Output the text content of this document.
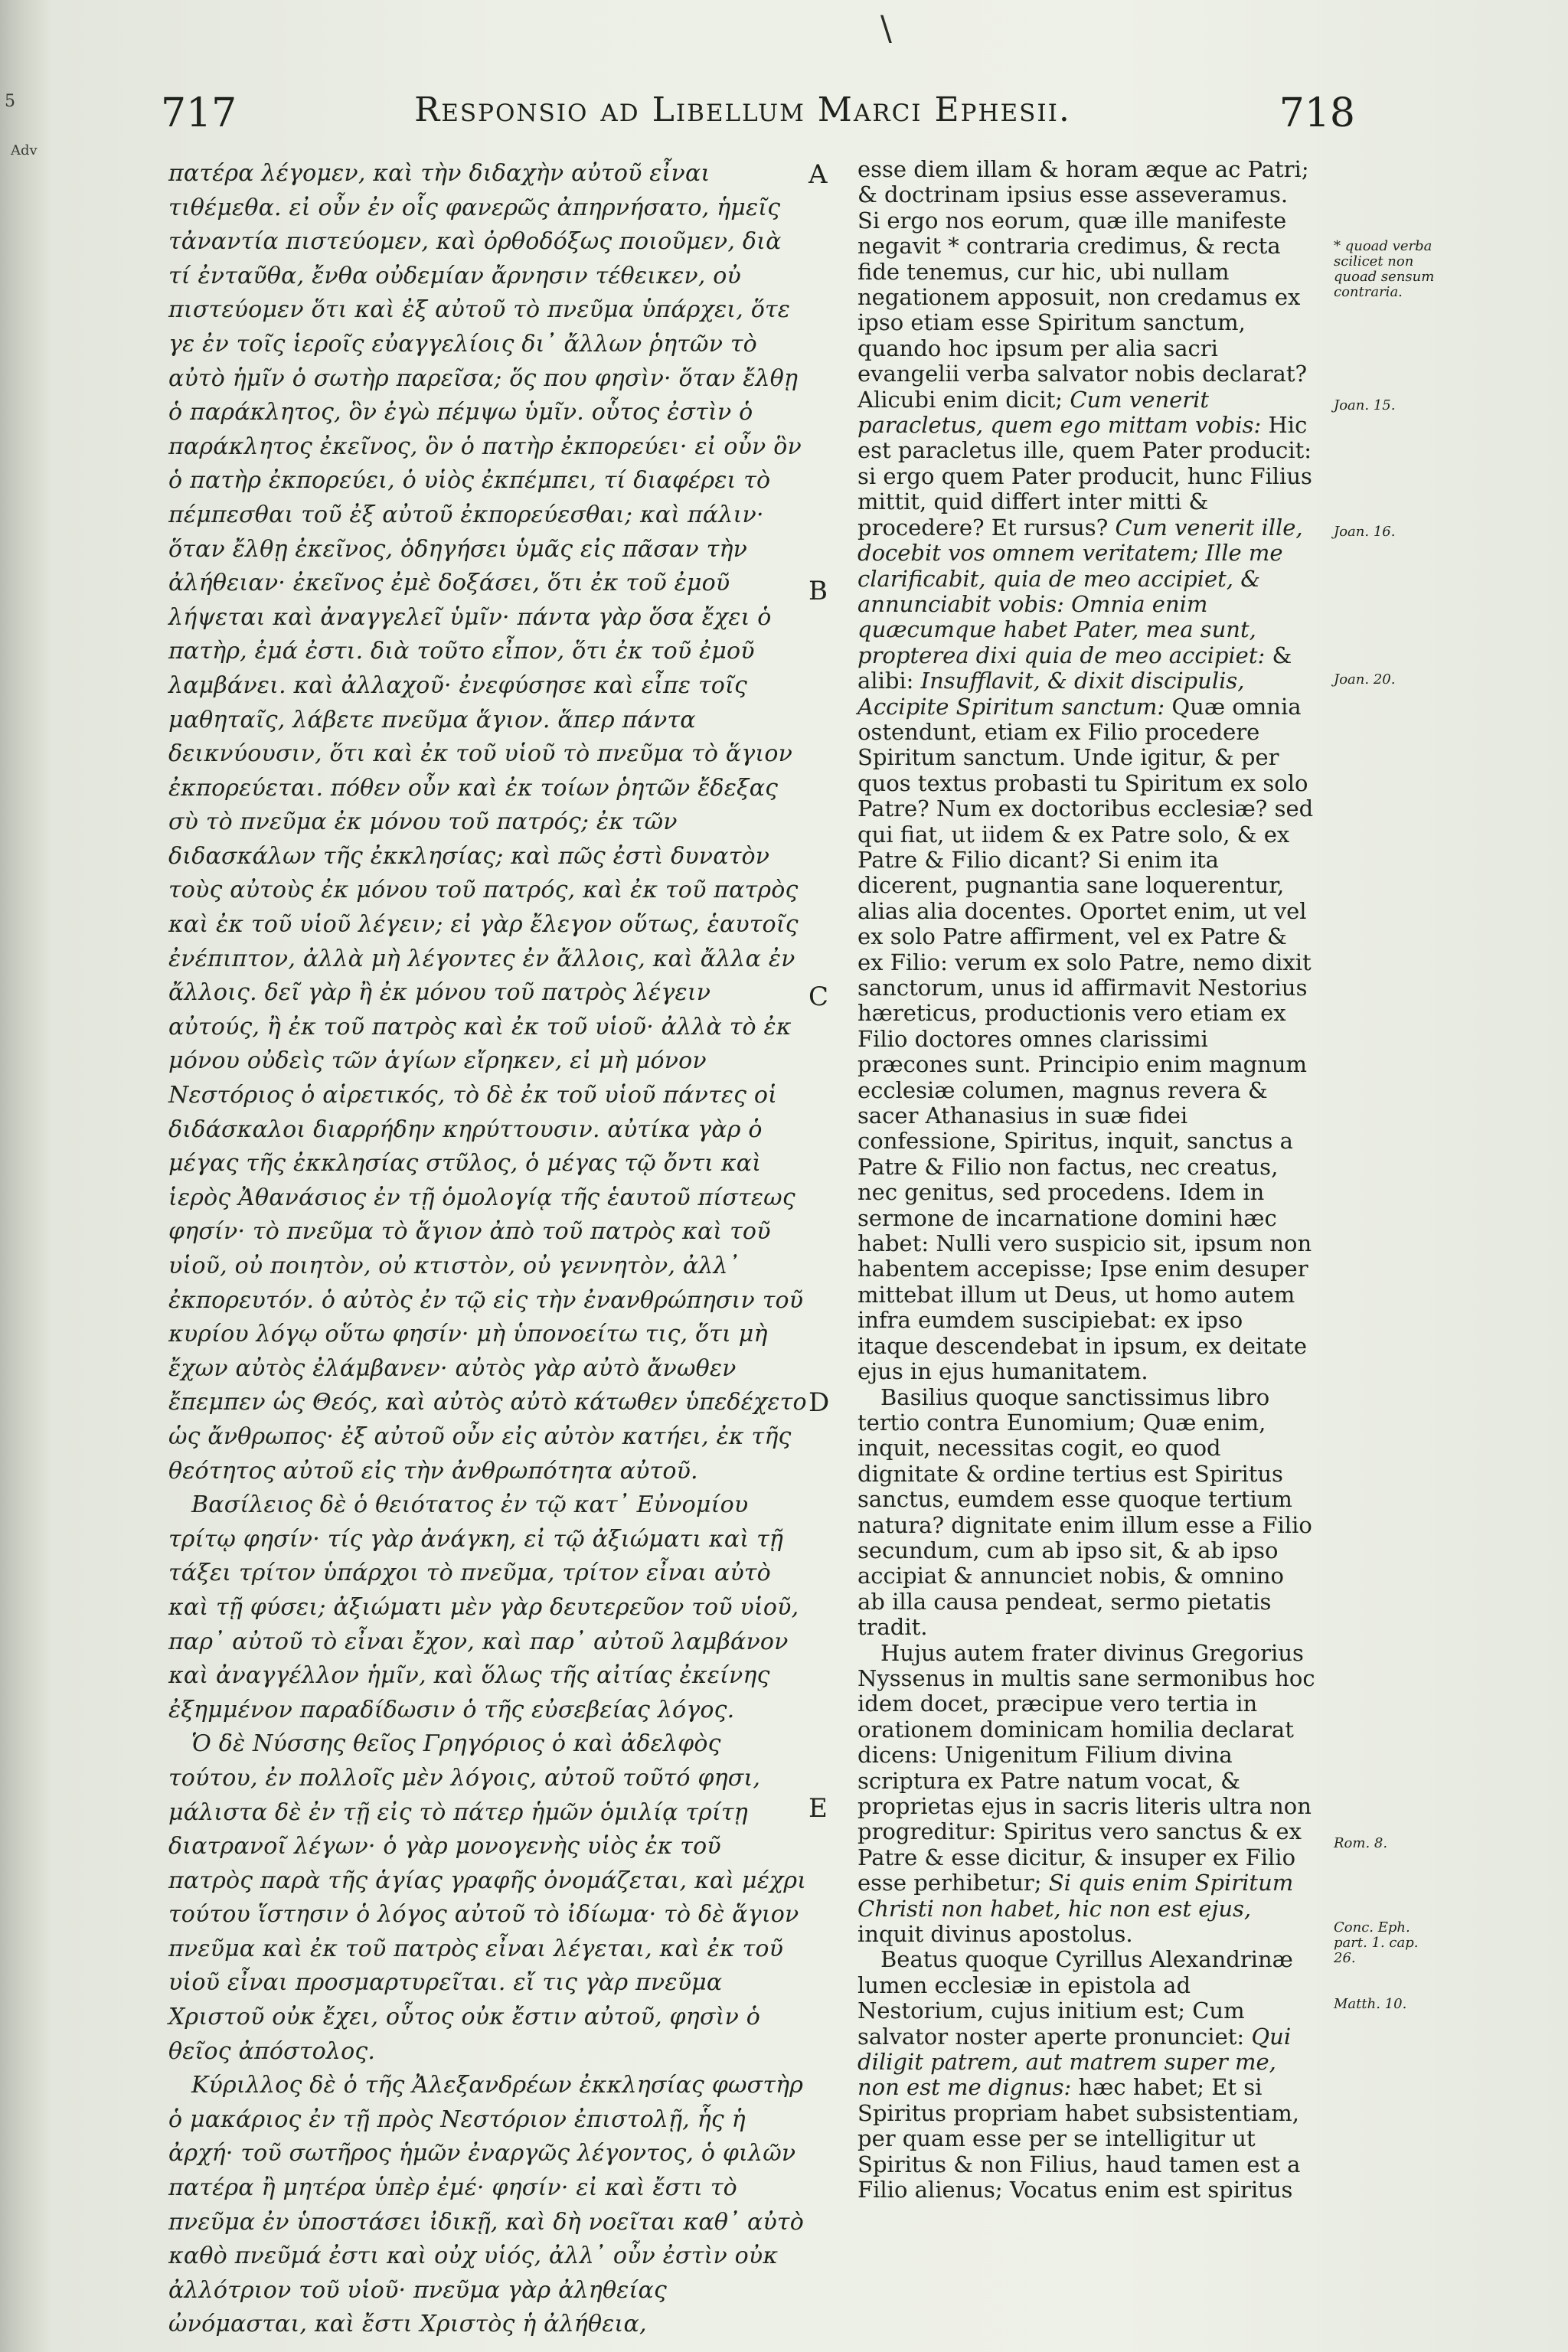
5
Adv
\
717	Responsio ad Libellum Marci Ephesii.	718

πατέρα λέγομεν, καὶ τὴν διδαχὴν αὐτοῦ εἶναι τιθέμεθα. εἰ οὖν ἐν οἷς φανερῶς ἀπηρνήσατο, ἡμεῖς τἀναντία πιστεύομεν, καὶ ὀρθοδόξως ποιοῦμεν, διὰ τί ἐνταῦθα, ἔνθα οὐδεμίαν ἄρνησιν τέθεικεν, οὐ πιστεύομεν ὅτι καὶ ἐξ αὐτοῦ τὸ πνεῦμα ὑπάρχει, ὅτε γε ἐν τοῖς ἱεροῖς εὐαγγελίοις δι᾽ ἄλλων ῥητῶν τὸ αὐτὸ ἡμῖν ὁ σωτὴρ παρεῖσα; ὅς που φησὶν· ὅταν ἔλθῃ ὁ παράκλητος, ὃν ἐγὼ πέμψω ὑμῖν. οὗτος ἐστὶν ὁ παράκλητος ἐκεῖνος, ὃν ὁ πατὴρ ἐκπορεύει· εἰ οὖν ὃν ὁ πατὴρ ἐκπορεύει, ὁ υἱὸς ἐκπέμπει, τί διαφέρει τὸ πέμπεσθαι τοῦ ἐξ αὐτοῦ ἐκπορεύεσθαι; καὶ πάλιν· ὅταν ἔλθῃ ἐκεῖνος, ὁδηγήσει ὑμᾶς εἰς πᾶσαν τὴν ἀλήθειαν· ἐκεῖνος ἐμὲ δοξάσει, ὅτι ἐκ τοῦ ἐμοῦ λήψεται καὶ ἀναγγελεῖ ὑμῖν· πάντα γὰρ ὅσα ἔχει ὁ πατὴρ, ἐμά ἐστι. διὰ τοῦτο εἶπον, ὅτι ἐκ τοῦ ἐμοῦ λαμβάνει. καὶ ἀλλαχοῦ· ἐνεφύσησε καὶ εἶπε τοῖς μαθηταῖς, λάβετε πνεῦμα ἅγιον. ἅπερ πάντα δεικνύουσιν, ὅτι καὶ ἐκ τοῦ υἱοῦ τὸ πνεῦμα τὸ ἅγιον ἐκπορεύεται. πόθεν οὖν καὶ ἐκ τοίων ῥητῶν ἔδεξας σὺ τὸ πνεῦμα ἐκ μόνου τοῦ πατρός; ἐκ τῶν διδασκάλων τῆς ἐκκλησίας; καὶ πῶς ἐστὶ δυνατὸν τοὺς αὐτοὺς ἐκ μόνου τοῦ πατρός, καὶ ἐκ τοῦ πατρὸς καὶ ἐκ τοῦ υἱοῦ λέγειν; εἰ γὰρ ἔλεγον οὕτως, ἑαυτοῖς ἐνέπιπτον, ἀλλὰ μὴ λέγοντες ἐν ἄλλοις, καὶ ἄλλα ἐν ἄλλοις. δεῖ γὰρ ἢ ἐκ μόνου τοῦ πατρὸς λέγειν αὐτούς, ἢ ἐκ τοῦ πατρὸς καὶ ἐκ τοῦ υἱοῦ· ἀλλὰ τὸ ἐκ μόνου οὐδεὶς τῶν ἁγίων εἴρηκεν, εἰ μὴ μόνον Νεστόριος ὁ αἱρετικός, τὸ δὲ ἐκ τοῦ υἱοῦ πάντες οἱ διδάσκαλοι διαρρήδην κηρύττουσιν. αὐτίκα γὰρ ὁ μέγας τῆς ἐκκλησίας στῦλος, ὁ μέγας τῷ ὄντι καὶ ἱερὸς Ἀθανάσιος ἐν τῇ ὁμολογίᾳ τῆς ἑαυτοῦ πίστεως φησίν· τὸ πνεῦμα τὸ ἅγιον ἀπὸ τοῦ πατρὸς καὶ τοῦ υἱοῦ, οὐ ποιητὸν, οὐ κτιστὸν, οὐ γεννητὸν, ἀλλ᾽ ἐκπορευτόν. ὁ αὐτὸς ἐν τῷ εἰς τὴν ἐνανθρώπησιν τοῦ κυρίου λόγῳ οὕτω φησίν· μὴ ὑπονοείτω τις, ὅτι μὴ ἔχων αὐτὸς ἐλάμβανεν· αὐτὸς γὰρ αὐτὸ ἄνωθεν ἔπεμπεν ὡς Θεός, καὶ αὐτὸς αὐτὸ κάτωθεν ὑπεδέχετο ὡς ἄνθρωπος· ἐξ αὐτοῦ οὖν εἰς αὐτὸν κατήει, ἐκ τῆς θεότητος αὐτοῦ εἰς τὴν ἀνθρωπότητα αὐτοῦ.

Βασίλειος δὲ ὁ θειότατος ἐν τῷ κατ᾽ Εὐνομίου τρίτῳ φησίν· τίς γὰρ ἀνάγκη, εἰ τῷ ἀξιώματι καὶ τῇ τάξει τρίτον ὑπάρχοι τὸ πνεῦμα, τρίτον εἶναι αὐτὸ καὶ τῇ φύσει; ἀξιώματι μὲν γὰρ δευτερεῦον τοῦ υἱοῦ, παρ᾽ αὐτοῦ τὸ εἶναι ἔχον, καὶ παρ᾽ αὐτοῦ λαμβάνον καὶ ἀναγγέλλον ἡμῖν, καὶ ὅλως τῆς αἰτίας ἐκείνης ἐξημμένον παραδίδωσιν ὁ τῆς εὐσεβείας λόγος.

Ὁ δὲ Νύσσης θεῖος Γρηγόριος ὁ καὶ ἀδελφὸς τούτου, ἐν πολλοῖς μὲν λόγοις, αὐτοῦ τοῦτό φησι, μάλιστα δὲ ἐν τῇ εἰς τὸ πάτερ ἡμῶν ὁμιλίᾳ τρίτῃ διατρανοῖ λέγων· ὁ γὰρ μονογενὴς υἱὸς ἐκ τοῦ πατρὸς παρὰ τῆς ἁγίας γραφῆς ὀνομάζεται, καὶ μέχρι τούτου ἵστησιν ὁ λόγος αὐτοῦ τὸ ἰδίωμα· τὸ δὲ ἅγιον πνεῦμα καὶ ἐκ τοῦ πατρὸς εἶναι λέγεται, καὶ ἐκ τοῦ υἱοῦ εἶναι προσμαρτυρεῖται. εἴ τις γὰρ πνεῦμα Χριστοῦ οὐκ ἔχει, οὗτος οὐκ ἔστιν αὐτοῦ, φησὶν ὁ θεῖος ἀπόστολος.

Κύριλλος δὲ ὁ τῆς Ἀλεξανδρέων ἐκκλησίας φωστὴρ ὁ μακάριος ἐν τῇ πρὸς Νεστόριον ἐπιστολῇ, ἧς ἡ ἀρχή· τοῦ σωτῆρος ἡμῶν ἐναργῶς λέγοντος, ὁ φιλῶν πατέρα ἢ μητέρα ὑπὲρ ἐμέ· φησίν· εἰ καὶ ἔστι τὸ πνεῦμα ἐν ὑποστάσει ἰδικῇ, καὶ δὴ νοεῖται καθ᾽ αὐτὸ καθὸ πνεῦμά ἐστι καὶ οὐχ υἱός, ἀλλ᾽ οὖν ἐστὶν οὐκ ἀλλότριον τοῦ υἱοῦ· πνεῦμα γὰρ ἀληθείας ὠνόμασται, καὶ ἔστι Χριστὸς ἡ ἀλήθεια,

A
B
C
D
E

esse diem illam & horam æque ac Patri; & doctrinam ipsius esse asseveramus. Si ergo nos eorum, quæ ille manifeste negavit * contraria credimus, & recta fide tenemus, cur hic, ubi nullam negationem apposuit, non credamus ex ipso etiam esse Spiritum sanctum, quando hoc ipsum per alia sacri evangelii verba salvator nobis declarat? Alicubi enim dicit; Cum venerit paracletus, quem ego mittam vobis: Hic est paracletus ille, quem Pater producit: si ergo quem Pater producit, hunc Filius mittit, quid differt inter mitti & procedere? Et rursus? Cum venerit ille, docebit vos omnem veritatem; Ille me clarificabit, quia de meo accipiet, & annunciabit vobis: Omnia enim quæcumque habet Pater, mea sunt, propterea dixi quia de meo accipiet: & alibi: Insufflavit, & dixit discipulis, Accipite Spiritum sanctum: Quæ omnia ostendunt, etiam ex Filio procedere Spiritum sanctum. Unde igitur, & per quos textus probasti tu Spiritum ex solo Patre? Num ex doctoribus ecclesiæ? sed qui fiat, ut iidem & ex Patre solo, & ex Patre & Filio dicant? Si enim ita dicerent, pugnantia sane loquerentur, alias alia docentes. Oportet enim, ut vel ex solo Patre affirment, vel ex Patre & ex Filio: verum ex solo Patre, nemo dixit sanctorum, unus id affirmavit Nestorius hæreticus, productionis vero etiam ex Filio doctores omnes clarissimi præcones sunt. Principio enim magnum ecclesiæ columen, magnus revera & sacer Athanasius in suæ fidei confessione, Spiritus, inquit, sanctus a Patre & Filio non factus, nec creatus, nec genitus, sed procedens. Idem in sermone de incarnatione domini hæc habet: Nulli vero suspicio sit, ipsum non habentem accepisse; Ipse enim desuper mittebat illum ut Deus, ut homo autem infra eumdem suscipiebat: ex ipso itaque descendebat in ipsum, ex deitate ejus in ejus humanitatem.

Basilius quoque sanctissimus libro tertio contra Eunomium; Quæ enim, inquit, necessitas cogit, eo quod dignitate & ordine tertius est Spiritus sanctus, eumdem esse quoque tertium natura? dignitate enim illum esse a Filio secundum, cum ab ipso sit, & ab ipso accipiat & annunciet nobis, & omnino ab illa causa pendeat, sermo pietatis tradit.

Hujus autem frater divinus Gregorius Nyssenus in multis sane sermonibus hoc idem docet, præcipue vero tertia in orationem dominicam homilia declarat dicens: Unigenitum Filium divina scriptura ex Patre natum vocat, & proprietas ejus in sacris literis ultra non progreditur: Spiritus vero sanctus & ex Patre & esse dicitur, & insuper ex Filio esse perhibetur; Si quis enim Spiritum Christi non habet, hic non est ejus, inquit divinus apostolus.

Beatus quoque Cyrillus Alexandrinæ lumen ecclesiæ in epistola ad Nestorium, cujus initium est; Cum salvator noster aperte pronunciet: Qui diligit patrem, aut matrem super me, non est me dignus: hæc habet; Et si Spiritus propriam habet subsistentiam, per quam esse per se intelligitur ut Spiritus & non Filius, haud tamen est a Filio alienus; Vocatus enim est spiritus

* quoad verba scilicet non quoad sensum contraria.
Joan. 15.
Joan. 16.
Joan. 20.
Rom. 8.
Conc. Eph. part. 1. cap. 26.
Matth. 10.
